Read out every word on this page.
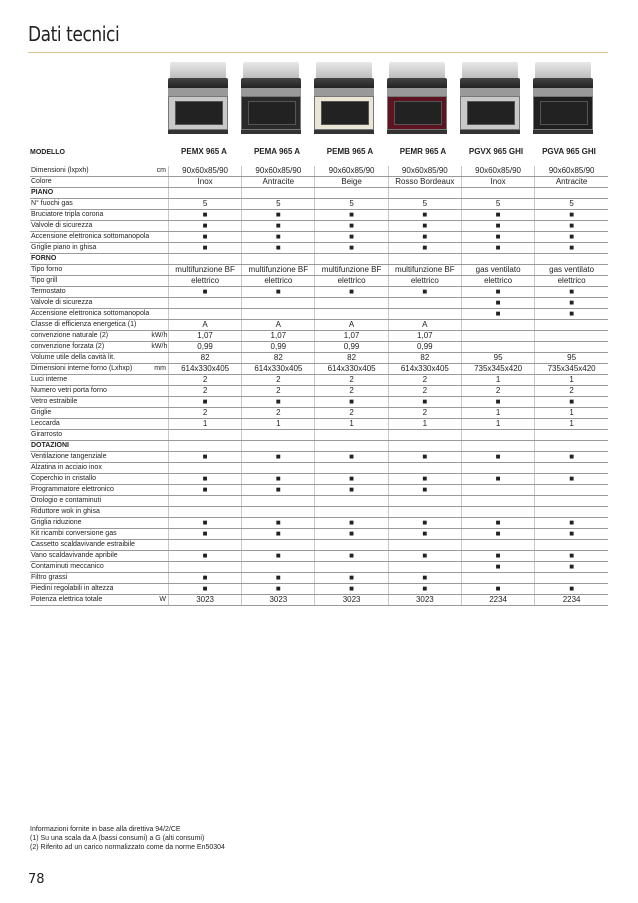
Dati tecnici
MODELLO	PEMX 965 A	PEMA 965 A	PEMB 965 A	PEMR 965 A	PGVX 965 GHI	PGVA 965 GHI
Dimensioni (lxpxh)	cm	90x60x85/90	90x60x85/90	90x60x85/90	90x60x85/90	90x60x85/90	90x60x85/90
Colore		Inox	Antracite	Beige	Rosso Bordeaux	Inox	Antracite
PIANO							
N° fuochi gas		5	5	5	5	5	5
Bruciatore tripla corona		■	■	■	■	■	■
Valvole di sicurezza		■	■	■	■	■	■
Accensione elettronica sottomanopola		■	■	■	■	■	■
Griglie piano in ghisa		■	■	■	■	■	■
FORNO							
Tipo forno		multifunzione BF	multifunzione BF	multifunzione BF	multifunzione BF	gas ventilato	gas ventilato
Tipo grill		elettrico	elettrico	elettrico	elettrico	elettrico	elettrico
Termostato		■	■	■	■	■	■
Valvole di sicurezza						■	■
Accensione elettronica sottomanopola						■	■
Classe di efficienza energetica (1)		A	A	A	A		
convenzione naturale (2)	kW/h	1,07	1,07	1,07	1,07		
convenzione forzata (2)	kW/h	0,99	0,99	0,99	0,99		
Volume utile della cavità lit.		82	82	82	82	95	95
Dimensioni interne forno (Lxhxp)	mm	614x330x405	614x330x405	614x330x405	614x330x405	735x345x420	735x345x420
Luci interne		2	2	2	2	1	1
Numero vetri porta forno		2	2	2	2	2	2
Vetro estraibile		■	■	■	■	■	■
Griglie		2	2	2	2	1	1
Leccarda		1	1	1	1	1	1
Girarrosto							
DOTAZIONI							
Ventilazione tangenziale		■	■	■	■	■	■
Alzatina in acciaio inox							
Coperchio in cristallo		■	■	■	■	■	■
Programmatore elettronico		■	■	■	■		
Orologio e contaminuti							
Riduttore wok in ghisa							
Griglia riduzione		■	■	■	■	■	■
Kit ricambi conversione gas		■	■	■	■	■	■
Cassetto scaldavivande estraibile							
Vano scaldavivande apribile		■	■	■	■	■	■
Contaminuti meccanico						■	■
Filtro grassi		■	■	■	■		
Piedini regolabili in altezza		■	■	■	■	■	■
Potenza elettrica totale	W	3023	3023	3023	3023	2234	2234
Informazioni fornite in base alla direttiva 94/2/CE
(1) Su una scala da A (bassi consumi) a G (alti consumi)
(2) Riferito ad un carico normalizzato come da norme En50304
78
